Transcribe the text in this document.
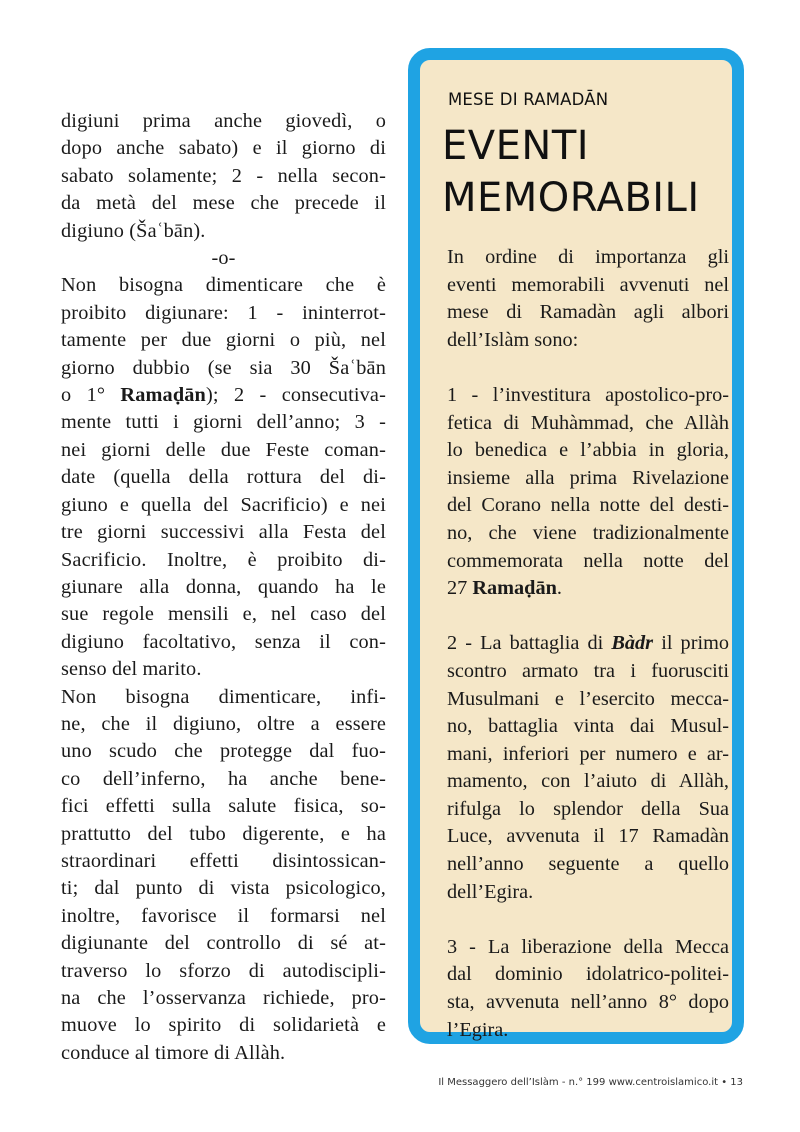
digiuni prima anche giovedì, o
dopo anche sabato) e il giorno di
sabato solamente; 2 - nella secon-
da metà del mese che precede il
digiuno (Šaʿbān).
-o-
Non bisogna dimenticare che è
proibito digiunare: 1 - ininterrot-
tamente per due giorni o più, nel
giorno dubbio (se sia 30 Šaʿbān
o 1° Ramaḍān); 2 - consecutiva-
mente tutti i giorni dell’anno; 3 -
nei giorni delle due Feste coman-
date (quella della rottura del di-
giuno e quella del Sacrificio) e nei
tre giorni successivi alla Festa del
Sacrificio. Inoltre, è proibito di-
giunare alla donna, quando ha le
sue regole mensili e, nel caso del
digiuno facoltativo, senza il con-
senso del marito.
Non bisogna dimenticare, infi-
ne, che il digiuno, oltre a essere
uno scudo che protegge dal fuo-
co dell’inferno, ha anche bene-
fici effetti sulla salute fisica, so-
prattutto del tubo digerente, e ha
straordinari effetti disintossican-
ti; dal punto di vista psicologico,
inoltre, favorisce il formarsi nel
digiunante del controllo di sé at-
traverso lo sforzo di autodiscipli-
na che l’osservanza richiede, pro-
muove lo spirito di solidarietà e
conduce al timore di Allàh.
MESE DI RAMADĀN
EVENTI
MEMORABILI
In ordine di importanza gli
eventi memorabili avvenuti nel
mese di Ramadàn agli albori
dell’Islàm sono:
1 - l’investitura apostolico-pro-
fetica di Muhàmmad, che Allàh
lo benedica e l’abbia in gloria,
insieme alla prima Rivelazione
del Corano nella notte del desti-
no, che viene tradizionalmente
commemorata nella notte del
27 Ramaḍān.
2 - La battaglia di Bàdr il primo
scontro armato tra i fuorusciti
Musulmani e l’esercito mecca-
no, battaglia vinta dai Musul-
mani, inferiori per numero e ar-
mamento, con l’aiuto di Allàh,
rifulga lo splendor della Sua
Luce, avvenuta il 17 Ramadàn
nell’anno seguente a quello
dell’Egira.
3 - La liberazione della Mecca
dal dominio idolatrico-politei-
sta, avvenuta nell’anno 8° dopo
l’Egira.
Il Messaggero dell’Islàm - n.° 199 www.centroislamico.it • 13
